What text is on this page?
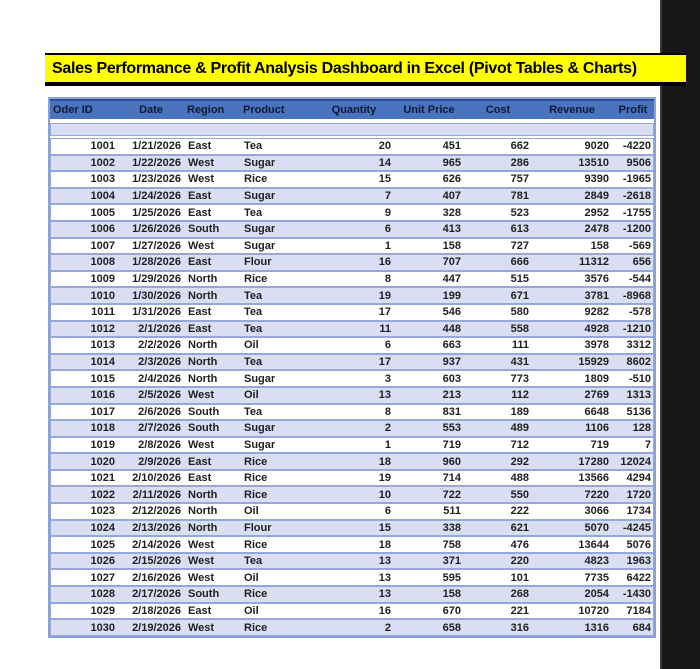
Sales Performance & Profit Analysis Dashboard in Excel (Pivot Tables & Charts)
Oder ID	Date	Region	Product	Quantity	Unit Price	Cost	Revenue	Profit
1001	1/21/2026 East	Tea	20	451	662	9020	-4220
1002	1/22/2026 West	Sugar	14	965	286	13510	9506
1003	1/23/2026 West	Rice	15	626	757	9390	-1965
1004	1/24/2026 East	Sugar	7	407	781	2849	-2618
1005	1/25/2026 East	Tea	9	328	523	2952	-1755
1006	1/26/2026 South	Sugar	6	413	613	2478	-1200
1007	1/27/2026 West	Sugar	1	158	727	158	-569
1008	1/28/2026 East	Flour	16	707	666	11312	656
1009	1/29/2026 North	Rice	8	447	515	3576	-544
1010	1/30/2026 North	Tea	19	199	671	3781	-8968
1011	1/31/2026 East	Tea	17	546	580	9282	-578
1012	2/1/2026 East	Tea	11	448	558	4928	-1210
1013	2/2/2026 North	Oil	6	663	111	3978	3312
1014	2/3/2026 North	Tea	17	937	431	15929	8602
1015	2/4/2026 North	Sugar	3	603	773	1809	-510
1016	2/5/2026 West	Oil	13	213	112	2769	1313
1017	2/6/2026 South	Tea	8	831	189	6648	5136
1018	2/7/2026 South	Sugar	2	553	489	1106	128
1019	2/8/2026 West	Sugar	1	719	712	719	7
1020	2/9/2026 East	Rice	18	960	292	17280	12024
1021	2/10/2026 East	Rice	19	714	488	13566	4294
1022	2/11/2026 North	Rice	10	722	550	7220	1720
1023	2/12/2026 North	Oil	6	511	222	3066	1734
1024	2/13/2026 North	Flour	15	338	621	5070	-4245
1025	2/14/2026 West	Rice	18	758	476	13644	5076
1026	2/15/2026 West	Tea	13	371	220	4823	1963
1027	2/16/2026 West	Oil	13	595	101	7735	6422
1028	2/17/2026 South	Rice	13	158	268	2054	-1430
1029	2/18/2026 East	Oil	16	670	221	10720	7184
1030	2/19/2026 West	Rice	2	658	316	1316	684
